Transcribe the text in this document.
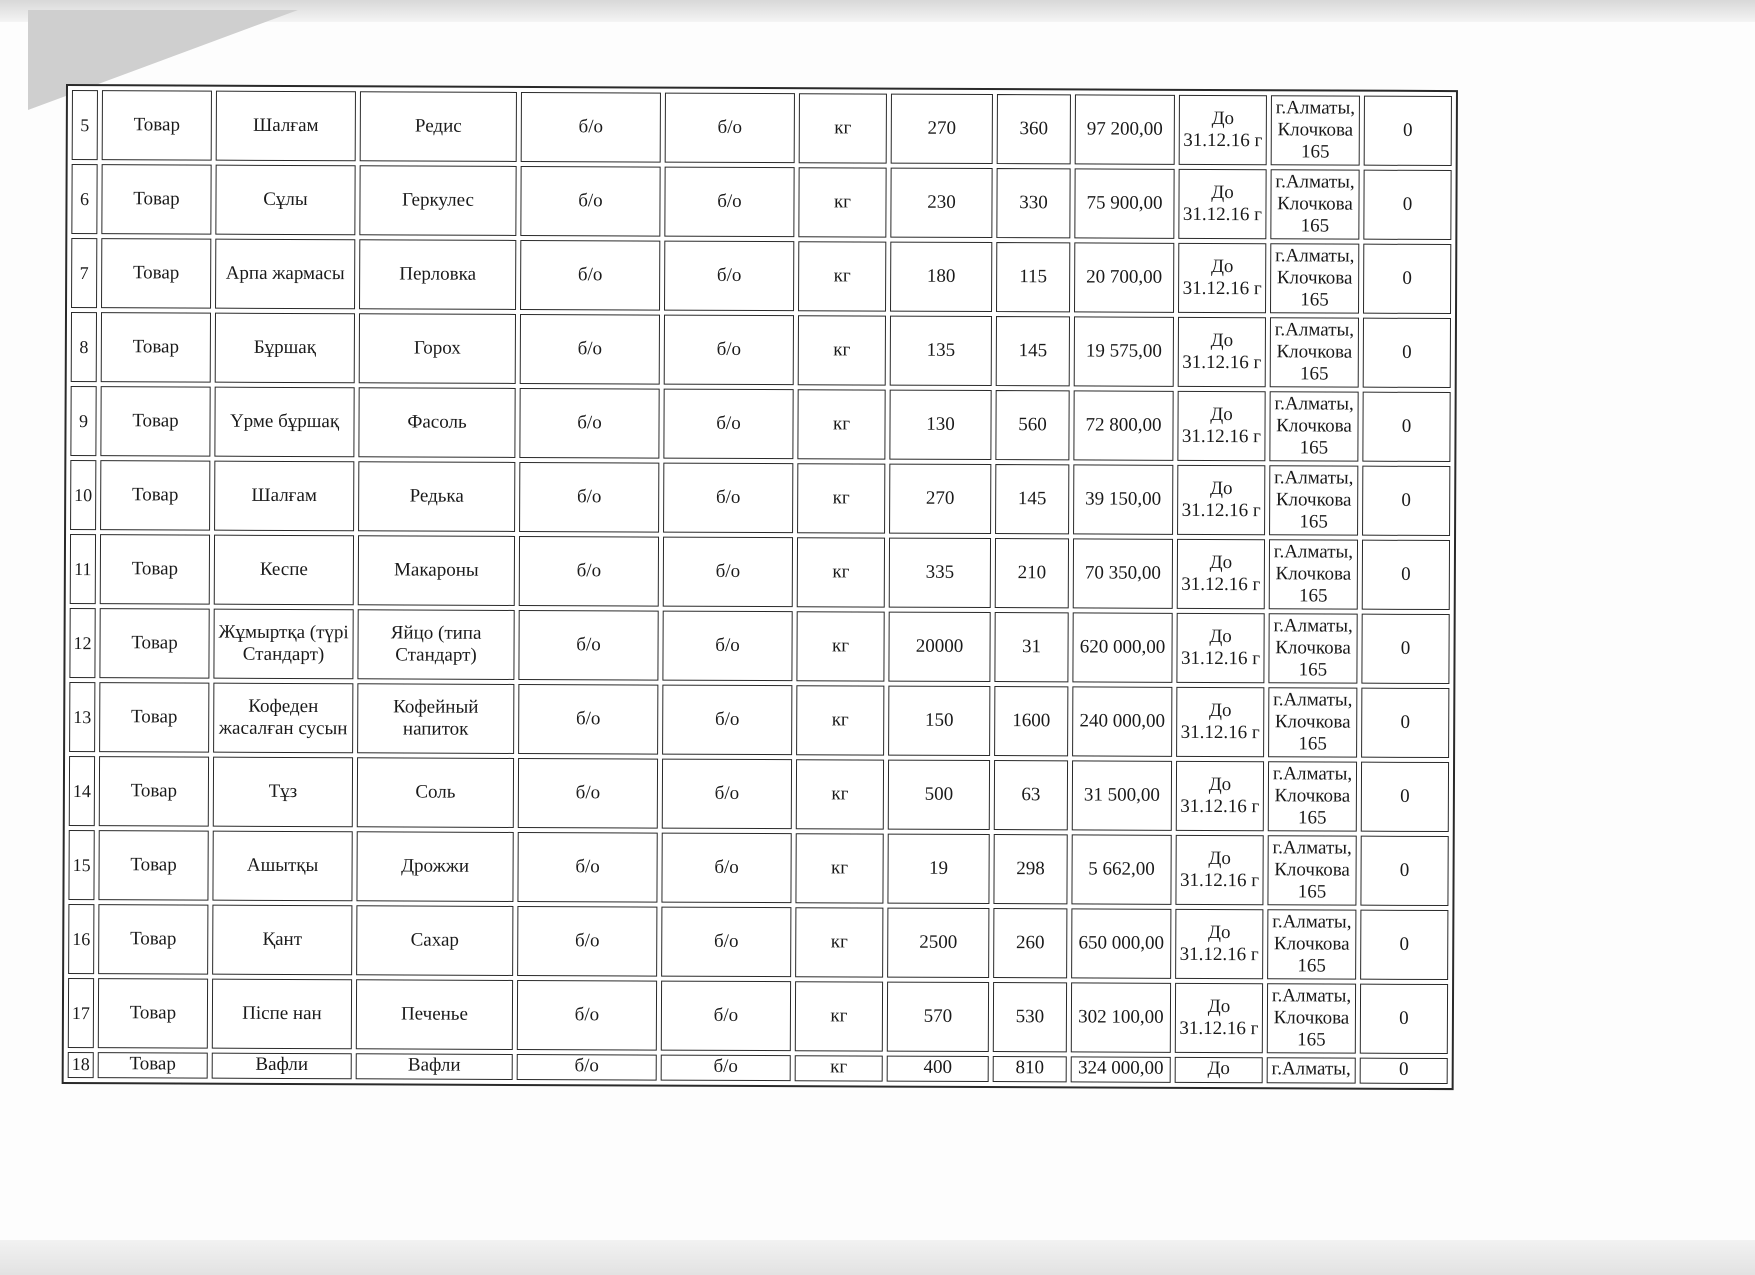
5	Товар	Шалғам	Редис	б/о	б/о	кг	270	360	97 200,00	До 31.12.16 г	г.Алматы, Клочкова 165	0
6	Товар	Сұлы	Геркулес	б/о	б/о	кг	230	330	75 900,00	До 31.12.16 г	г.Алматы, Клочкова 165	0
7	Товар	Арпа жармасы	Перловка	б/о	б/о	кг	180	115	20 700,00	До 31.12.16 г	г.Алматы, Клочкова 165	0
8	Товар	Бұршақ	Горох	б/о	б/о	кг	135	145	19 575,00	До 31.12.16 г	г.Алматы, Клочкова 165	0
9	Товар	Үрме бұршақ	Фасоль	б/о	б/о	кг	130	560	72 800,00	До 31.12.16 г	г.Алматы, Клочкова 165	0
10	Товар	Шалғам	Редька	б/о	б/о	кг	270	145	39 150,00	До 31.12.16 г	г.Алматы, Клочкова 165	0
11	Товар	Кеспе	Макароны	б/о	б/о	кг	335	210	70 350,00	До 31.12.16 г	г.Алматы, Клочкова 165	0
12	Товар	Жұмыртқа (түрі Стандарт)	Яйцо (типа Стандарт)	б/о	б/о	кг	20000	31	620 000,00	До 31.12.16 г	г.Алматы, Клочкова 165	0
13	Товар	Кофеден жасалған сусын	Кофейный напиток	б/о	б/о	кг	150	1600	240 000,00	До 31.12.16 г	г.Алматы, Клочкова 165	0
14	Товар	Тұз	Соль	б/о	б/о	кг	500	63	31 500,00	До 31.12.16 г	г.Алматы, Клочкова 165	0
15	Товар	Ашытқы	Дрожжи	б/о	б/о	кг	19	298	5 662,00	До 31.12.16 г	г.Алматы, Клочкова 165	0
16	Товар	Қант	Сахар	б/о	б/о	кг	2500	260	650 000,00	До 31.12.16 г	г.Алматы, Клочкова 165	0
17	Товар	Піспе нан	Печенье	б/о	б/о	кг	570	530	302 100,00	До 31.12.16 г	г.Алматы, Клочкова 165	0
18	Товар	Вафли	Вафли	б/о	б/о	кг	400	810	324 000,00	До	г.Алматы,	0
